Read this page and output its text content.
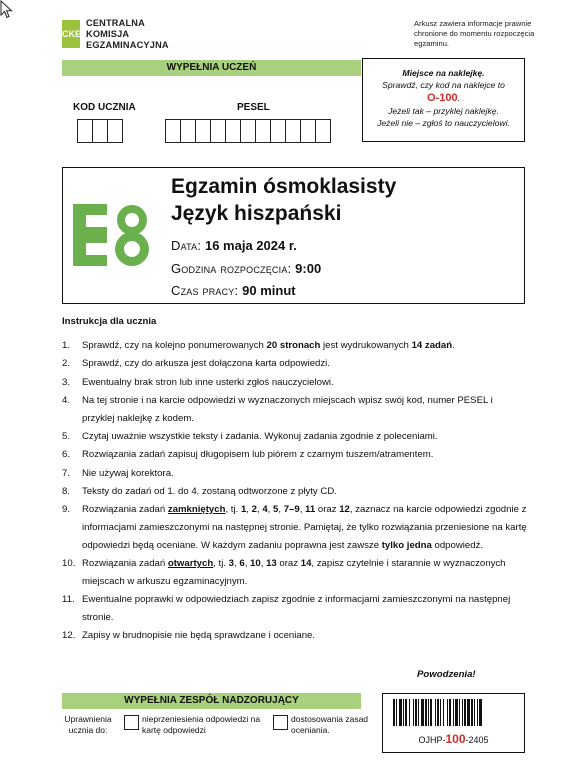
CKE
CENTRALNA
KOMISJA
EGZAMINACYJNA
Arkusz zawiera informacje prawnie chronione do momentu rozpoczęcia egzaminu.
WYPEŁNIA UCZEŃ
KOD UCZNIA	PESEL
Miejsce na naklejkę.
Sprawdź, czy kod na naklejce to
O-100.
Jeżeli tak – przyklej naklejkę.
Jeżeli nie – zgłoś to nauczycielowi.
Egzamin ósmoklasisty
Język hiszpański
Data: 16 maja 2024 r.
Godzina rozpoczęcia: 9:00
Czas pracy: 90 minut
Instrukcja dla ucznia
1. Sprawdź, czy na kolejno ponumerowanych 20 stronach jest wydrukowanych 14 zadań.
2. Sprawdź, czy do arkusza jest dołączona karta odpowiedzi.
3. Ewentualny brak stron lub inne usterki zgłoś nauczycielowi.
4. Na tej stronie i na karcie odpowiedzi w wyznaczonych miejscach wpisz swój kod, numer PESEL i przyklej naklejkę z kodem.
5. Czytaj uważnie wszystkie teksty i zadania. Wykonuj zadania zgodnie z poleceniami.
6. Rozwiązania zadań zapisuj długopisem lub piórem z czarnym tuszem/atramentem.
7. Nie używaj korektora.
8. Teksty do zadań od 1. do 4. zostaną odtworzone z płyty CD.
9. Rozwiązania zadań zamkniętych, tj. 1, 2, 4, 5, 7–9, 11 oraz 12, zaznacz na karcie odpowiedzi zgodnie z informacjami zamieszczonymi na następnej stronie. Pamiętaj, że tylko rozwiązania przeniesione na kartę odpowiedzi będą oceniane. W każdym zadaniu poprawna jest zawsze tylko jedna odpowiedź.
10. Rozwiązania zadań otwartych, tj. 3, 6, 10, 13 oraz 14, zapisz czytelnie i starannie w wyznaczonych miejscach w arkuszu egzaminacyjnym.
11. Ewentualne poprawki w odpowiedziach zapisz zgodnie z informacjami zamieszczonymi na następnej stronie.
12. Zapisy w brudnopisie nie będą sprawdzane i oceniane.
Powodzenia!
WYPEŁNIA ZESPÓŁ NADZORUJĄCY
Uprawnienia ucznia do:
nieprzeniesienia odpowiedzi na kartę odpowiedzi
dostosowania zasad oceniania.
OJHP-100-2405
